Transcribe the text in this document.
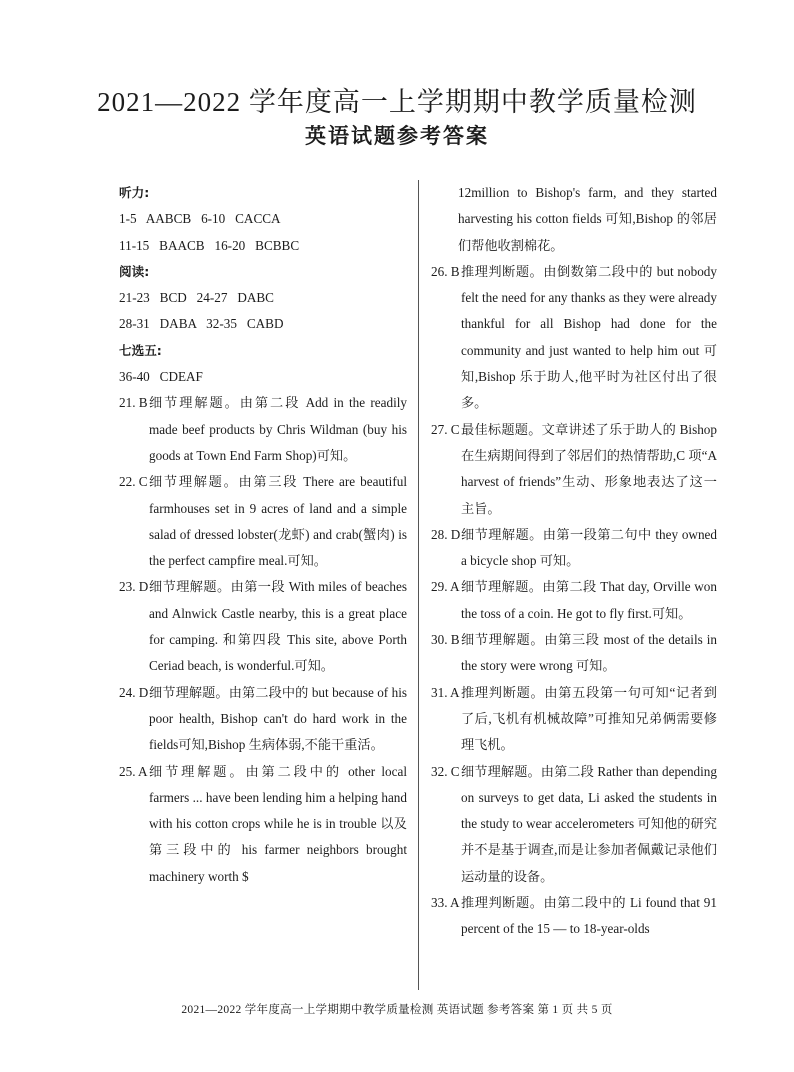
2021—2022 学年度高一上学期期中教学质量检测
英语试题参考答案
听力:
1-5   AABCB   6-10   CACCA
11-15   BAACB   16-20   BCBBC
阅读:
21-23   BCD   24-27   DABC
28-31   DABA   32-35   CABD
七选五:
36-40   CDEAF
21. B 细节理解题。由第二段 Add in the readily made beef products by Chris Wildman (buy his goods at Town End Farm Shop)可知。
22. C 细节理解题。由第三段 There are beautiful farmhouses set in 9 acres of land and a simple salad of dressed lobster(龙虾) and crab(蟹肉) is the perfect campfire meal.可知。
23. D 细节理解题。由第一段 With miles of beaches and Alnwick Castle nearby, this is a great place for camping. 和第四段 This site, above Porth Ceriad beach, is wonderful.可知。
24. D 细节理解题。由第二段中的 but because of his poor health, Bishop can't do hard work in the fields可知,Bishop 生病体弱,不能干重活。
25. A 细节理解题。由第二段中的 other local farmers ... have been lending him a helping hand with his cotton crops while he is in trouble 以及第三段中的 his farmer neighbors brought machinery worth $
12million to Bishop's farm, and they started harvesting his cotton fields 可知,Bishop 的邻居们帮他收割棉花。
26. B 推理判断题。由倒数第二段中的 but nobody felt the need for any thanks as they were already thankful for all Bishop had done for the community and just wanted to help him out 可知,Bishop 乐于助人,他平时为社区付出了很多。
27. C 最佳标题题。文章讲述了乐于助人的 Bishop 在生病期间得到了邻居们的热情帮助,C 项“A harvest of friends”生动、形象地表达了这一主旨。
28. D 细节理解题。由第一段第二句中 they owned a bicycle shop 可知。
29. A 细节理解题。由第二段 That day, Orville won the toss of a coin. He got to fly first.可知。
30. B 细节理解题。由第三段 most of the details in the story were wrong 可知。
31. A 推理判断题。由第五段第一句可知“记者到了后,飞机有机械故障”可推知兄弟俩需要修理飞机。
32. C 细节理解题。由第二段 Rather than depending on surveys to get data, Li asked the students in the study to wear accelerometers 可知他的研究并不是基于调查,而是让参加者佩戴记录他们运动量的设备。
33. A 推理判断题。由第二段中的 Li found that 91 percent of the 15 — to 18-year-olds
2021—2022 学年度高一上学期期中教学质量检测 英语试题 参考答案 第 1 页 共 5 页
